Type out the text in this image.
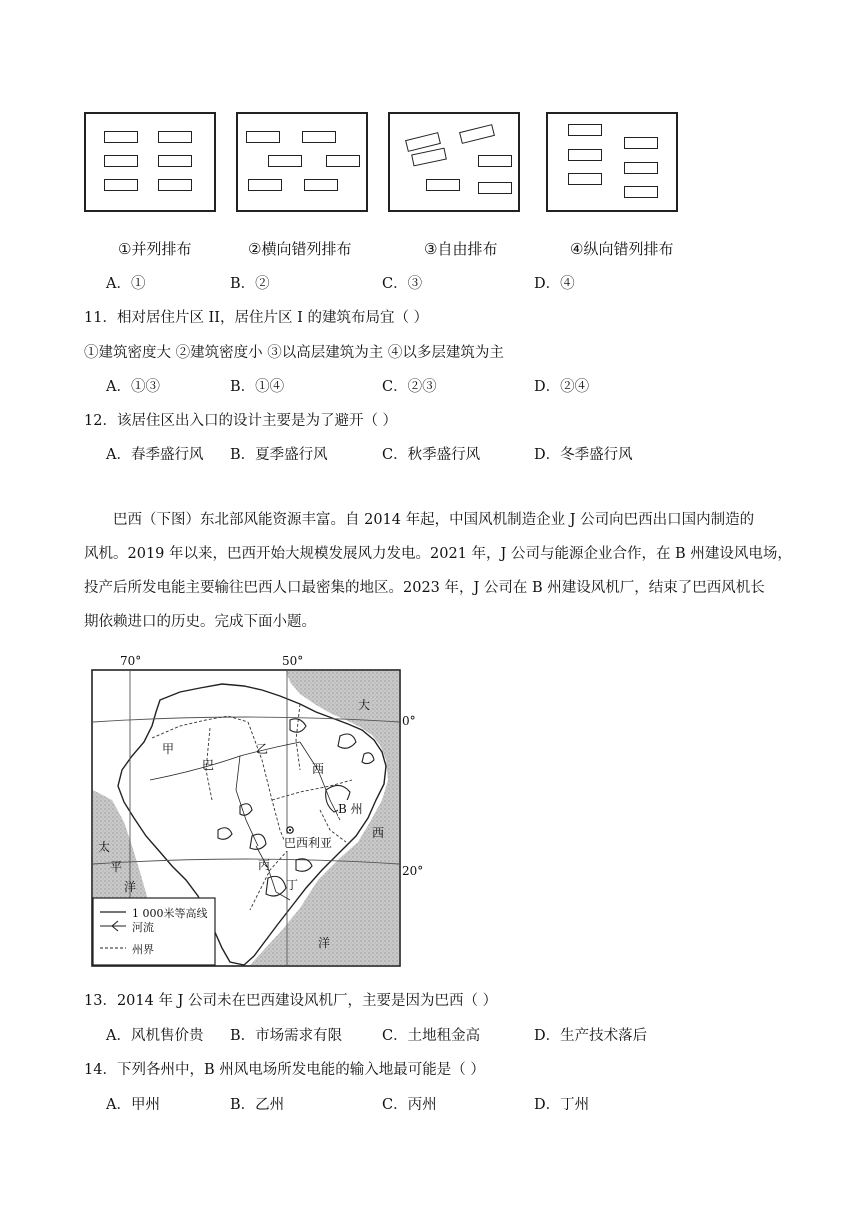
①并列排布	②横向错列排布	③自由排布	④纵向错列排布
A．①	B．②	C．③	D．④
11．相对居住片区 II，居住片区 I 的建筑布局宜（ ）
①建筑密度大 ②建筑密度小 ③以高层建筑为主 ④以多层建筑为主
A．①③	B．①④	C．②③	D．②④
12．该居住区出入口的设计主要是为了避开（ ）
A．春季盛行风 B．夏季盛行风	C．秋季盛行风	D．冬季盛行风
巴西（下图）东北部风能资源丰富。自 2014 年起，中国风机制造企业 J 公司向巴西出口国内制造的
风机。2019 年以来，巴西开始大规模发展风力发电。2021 年，J 公司与能源企业合作，在 B 州建设风电场，
投产后所发电能主要输往巴西人口最密集的地区。2023 年，J 公司在 B 州建设风机厂，结束了巴西风机长
期依赖进口的历史。完成下面小题。
70°	50°
0°
20°
大
西
洋
太
平
洋
甲	乙
丙
丁
B 州
巴	西
巴西利亚
1 000米等高线
河流
州界
13．2014 年 J 公司未在巴西建设风机厂，主要是因为巴西（ ）
A．风机售价贵 B．市场需求有限	C．土地租金高	D．生产技术落后
14．下列各州中，B 州风电场所发电能的输入地最可能是（ ）
A．甲州	B．乙州	C．丙州	D．丁州
